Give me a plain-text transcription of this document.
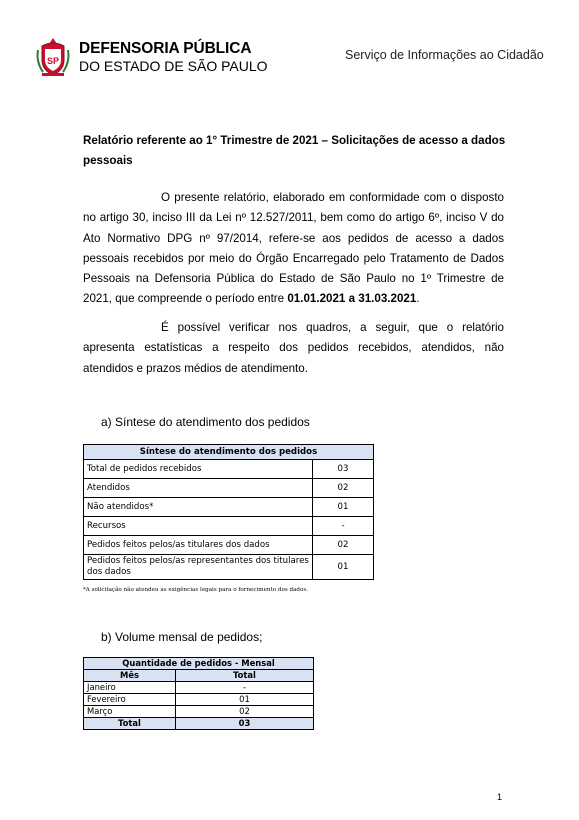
SP
DEFENSORIA PÚBLICA
DO ESTADO DE SÃO PAULO
Serviço de Informações ao Cidadão
Relatório referente ao 1° Trimestre de 2021 – Solicitações de acesso a dados pessoais
O presente relatório, elaborado em conformidade com o disposto no artigo 30, inciso III da Lei nº 12.527/2011, bem como do artigo 6º, inciso V do Ato Normativo DPG nº 97/2014, refere-se aos pedidos de acesso a dados pessoais recebidos por meio do Órgão Encarregado pelo Tratamento de Dados Pessoais na Defensoria Pública do Estado de São Paulo no 1º Trimestre de 2021, que compreende o período entre 01.01.2021 a 31.03.2021.
É possível verificar nos quadros, a seguir, que o relatório apresenta estatísticas a respeito dos pedidos recebidos, atendidos, não atendidos e prazos médios de atendimento.
a) Síntese do atendimento dos pedidos
Síntese do atendimento dos pedidos	
Total de pedidos recebidos	03
Atendidos	02
Não atendidos*	01
Recursos	-
Pedidos feitos pelos/as titulares dos dados	02
Pedidos feitos pelos/as representantes dos titulares dos dados	01
*A solicitação não atendeu as exigências legais para o fornecimento dos dados.
b) Volume mensal de pedidos;
Quantidade de pedidos - Mensal	
Mês	Total
Janeiro	-
Fevereiro	01
Março	02
Total	03
1
